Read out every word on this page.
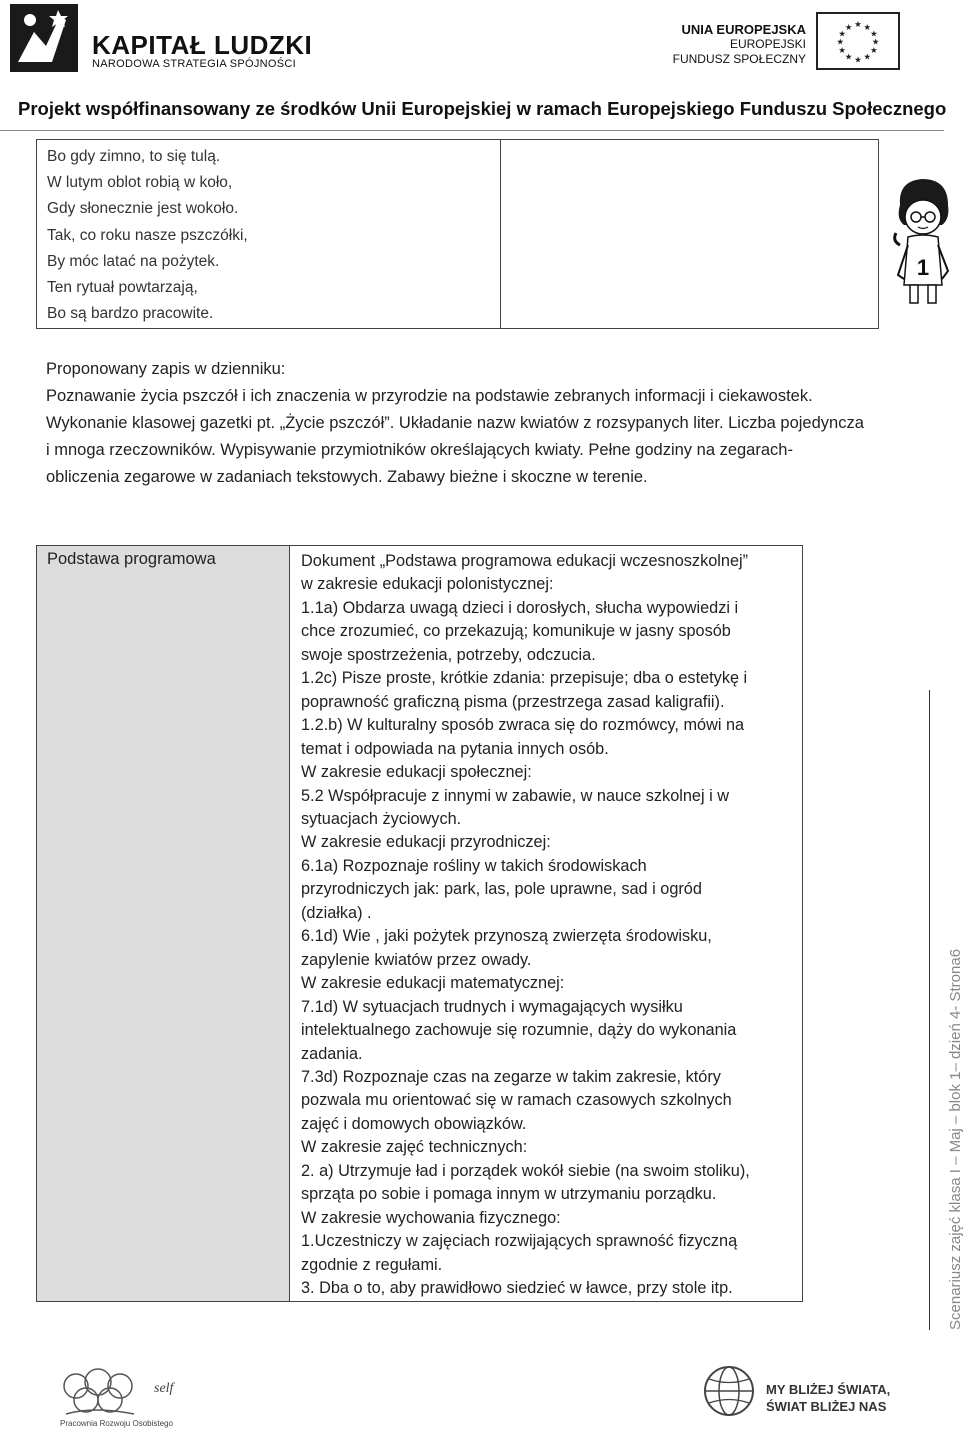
KAPITAŁ LUDZKI
NARODOWA STRATEGIA SPÓJNOŚCI
UNIA EUROPEJSKA
EUROPEJSKI
FUNDUSZ SPOŁECZNY
★ ★
★
★
★
★
★
★
★
★
★
★
Projekt współfinansowany ze środków Unii Europejskiej w ramach Europejskiego Funduszu Społecznego
Bo gdy zimno, to się tulą.
W lutym oblot robią w koło,
Gdy słonecznie jest wokoło.
Tak, co roku nasze pszczółki,
By móc latać na pożytek.
Ten rytuał powtarzają,
Bo są bardzo pracowite.
1

Proponowany zapis w dzienniku:

Poznawanie życia pszczół i ich znaczenia w przyrodzie na podstawie zebranych informacji i ciekawostek. Wykonanie klasowej gazetki pt. „Życie pszczół”. Układanie nazw kwiatów z rozsypanych liter. Liczba pojedyncza i mnoga rzeczowników. Wypisywanie przymiotników określających kwiaty. Pełne godziny na zegarach- obliczenia zegarowe w zadaniach tekstowych. Zabawy bieżne i skoczne w terenie.

Podstawa programowa	Dokument „Podstawa programowa edukacji wczesnoszkolnej”
w zakresie edukacji polonistycznej:
1.1a) Obdarza uwagą dzieci i dorosłych, słucha wypowiedzi i
chce zrozumieć, co przekazują; komunikuje w jasny sposób
swoje spostrzeżenia, potrzeby, odczucia.
1.2c) Pisze proste, krótkie zdania: przepisuje; dba o estetykę i
poprawność graficzną pisma (przestrzega zasad kaligrafii).
1.2.b) W kulturalny sposób zwraca się do rozmówcy, mówi na
temat i odpowiada na pytania innych osób.
W zakresie edukacji społecznej:
5.2 Współpracuje z innymi w zabawie, w nauce szkolnej i w
sytuacjach życiowych.
W zakresie edukacji przyrodniczej:
6.1a) Rozpoznaje rośliny w takich środowiskach
przyrodniczych jak: park, las, pole uprawne, sad i ogród
(działka) .
6.1d) Wie , jaki pożytek przynoszą zwierzęta środowisku,
zapylenie kwiatów przez owady.
W zakresie edukacji matematycznej:
7.1d) W sytuacjach trudnych i wymagających wysiłku
intelektualnego zachowuje się rozumnie, dąży do wykonania
zadania.
7.3d) Rozpoznaje czas na zegarze w takim zakresie, który
pozwala mu orientować się w ramach czasowych szkolnych
zajęć i domowych obowiązków.
W zakresie zajęć technicznych:
2. a) Utrzymuje ład i porządek wokół siebie (na swoim stoliku),
sprząta po sobie i pomaga innym w utrzymaniu porządku.
W zakresie wychowania fizycznego:
1.Uczestniczy w zajęciach rozwijających sprawność fizyczną
zgodnie z regułami.
3. Dba o to, aby prawidłowo siedzieć w ławce, przy stole itp.	Scenariusz zajęć klasa I – Maj – blok 1– dzień 4- Strona6
self
Pracownia Rozwoju Osobistego
MY BLIŻEJ ŚWIATA,
ŚWIAT BLIŻEJ NAS
